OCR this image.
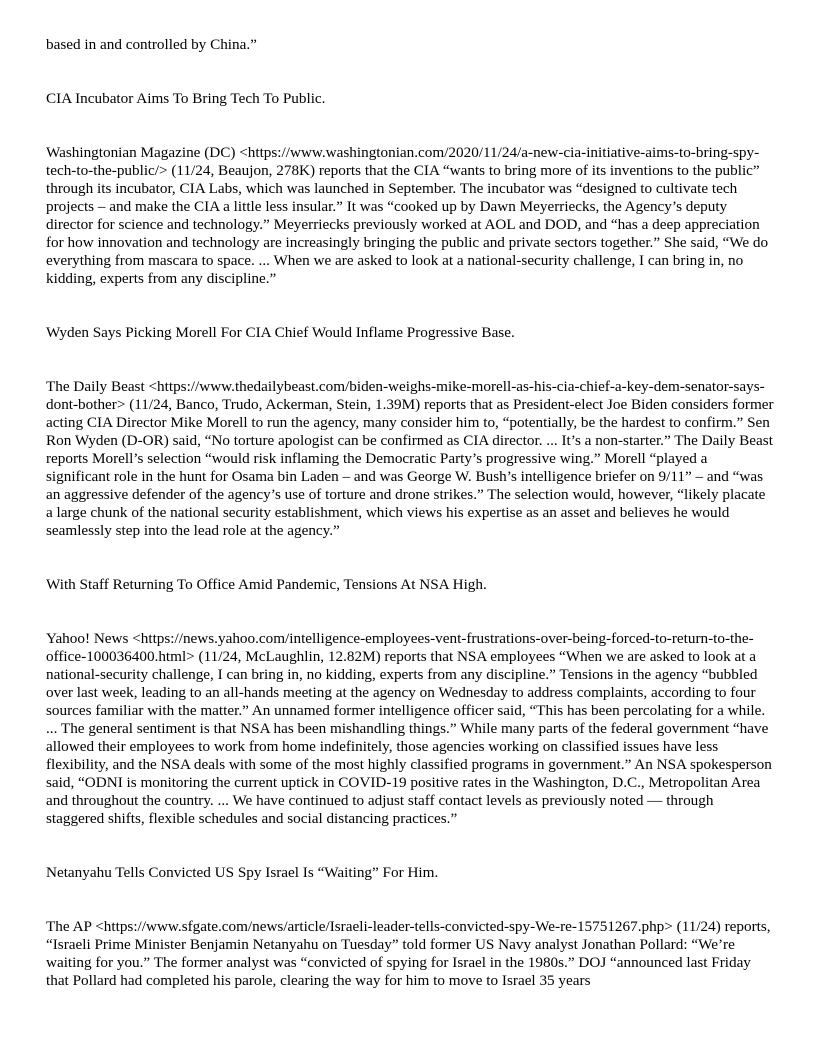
based in and controlled by China.”

CIA Incubator Aims To Bring Tech To Public.

Washingtonian Magazine (DC) <https://www.washingtonian.com/2020/11/24/a-new-cia-initiative-aims-to-bring-spy-tech-to-the-public/> (11/24, Beaujon, 278K) reports that the CIA “wants to bring more of its inventions to the public” through its incubator, CIA Labs, which was launched in September. The incubator was “designed to cultivate tech projects – and make the CIA a little less insular.” It was “cooked up by Dawn Meyerriecks, the Agency’s deputy director for science and technology.” Meyerriecks previously worked at AOL and DOD, and “has a deep appreciation for how innovation and technology are increasingly bringing the public and private sectors together.” She said, “We do everything from mascara to space. ... When we are asked to look at a national-security challenge, I can bring in, no kidding, experts from any discipline.”

Wyden Says Picking Morell For CIA Chief Would Inflame Progressive Base.

The Daily Beast <https://www.thedailybeast.com/biden-weighs-mike-morell-as-his-cia-chief-a-key-dem-senator-says-dont-bother> (11/24, Banco, Trudo, Ackerman, Stein, 1.39M) reports that as President-elect Joe Biden considers former acting CIA Director Mike Morell to run the agency, many consider him to, “potentially, be the hardest to confirm.” Sen Ron Wyden (D-OR) said, “No torture apologist can be confirmed as CIA director. ... It’s a non-starter.” The Daily Beast reports Morell’s selection “would risk inflaming the Democratic Party’s progressive wing.” Morell “played a significant role in the hunt for Osama bin Laden – and was George W. Bush’s intelligence briefer on 9/11” – and “was an aggressive defender of the agency’s use of torture and drone strikes.” The selection would, however, “likely placate a large chunk of the national security establishment, which views his expertise as an asset and believes he would seamlessly step into the lead role at the agency.”

With Staff Returning To Office Amid Pandemic, Tensions At NSA High.

Yahoo! News <https://news.yahoo.com/intelligence-employees-vent-frustrations-over-being-forced-to-return-to-the-office-100036400.html> (11/24, McLaughlin, 12.82M) reports that NSA employees “When we are asked to look at a national-security challenge, I can bring in, no kidding, experts from any discipline.” Tensions in the agency “bubbled over last week, leading to an all-hands meeting at the agency on Wednesday to address complaints, according to four sources familiar with the matter.” An unnamed former intelligence officer said, “This has been percolating for a while. ... The general sentiment is that NSA has been mishandling things.” While many parts of the federal government “have allowed their employees to work from home indefinitely, those agencies working on classified issues have less flexibility, and the NSA deals with some of the most highly classified programs in government.” An NSA spokesperson said, “ODNI is monitoring the current uptick in COVID-19 positive rates in the Washington, D.C., Metropolitan Area and throughout the country. ... We have continued to adjust staff contact levels as previously noted — through staggered shifts, flexible schedules and social distancing practices.”

Netanyahu Tells Convicted US Spy Israel Is “Waiting” For Him.

The AP <https://www.sfgate.com/news/article/Israeli-leader-tells-convicted-spy-We-re-15751267.php> (11/24) reports, “Israeli Prime Minister Benjamin Netanyahu on Tuesday” told former US Navy analyst Jonathan Pollard: “We’re waiting for you.” The former analyst was “convicted of spying for Israel in the 1980s.” DOJ “announced last Friday that Pollard had completed his parole, clearing the way for him to move to Israel 35 years
